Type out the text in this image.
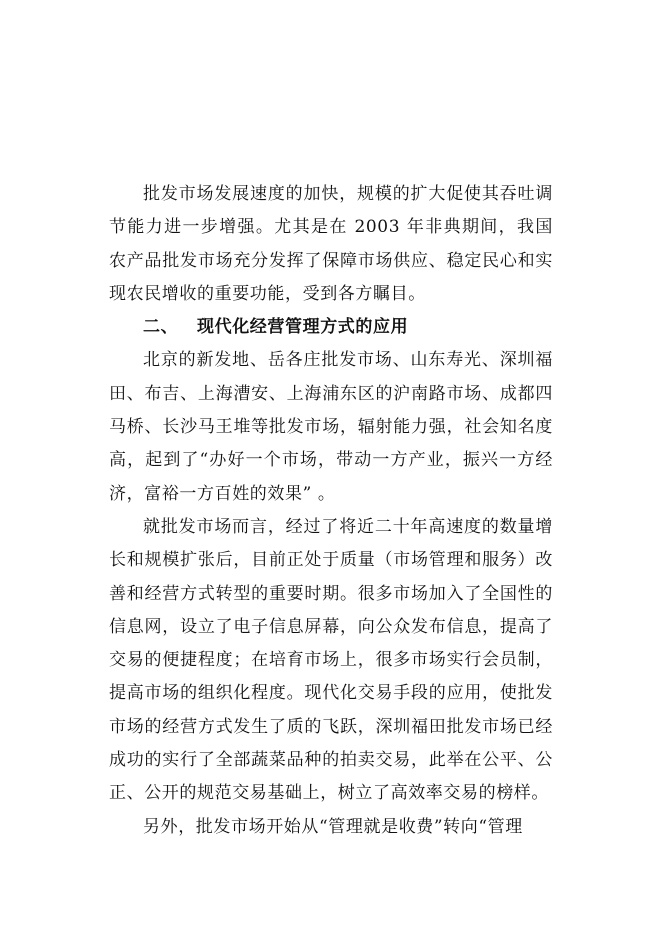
批发市场发展速度的加快，规模的扩大促使其吞吐调节能力进一步增强。尤其是在 2003 年非典期间，我国农产品批发市场充分发挥了保障市场供应、稳定民心和实现农民增收的重要功能，受到各方瞩目。

二、 现代化经营管理方式的应用

北京的新发地、岳各庄批发市场、山东寿光、深圳福田、布吉、上海漕安、上海浦东区的沪南路市场、成都四马桥、长沙马王堆等批发市场，辐射能力强，社会知名度高，起到了“办好一个市场，带动一方产业，振兴一方经济，富裕一方百姓的效果” 。

就批发市场而言，经过了将近二十年高速度的数量增长和规模扩张后，目前正处于质量（市场管理和服务）改善和经营方式转型的重要时期。很多市场加入了全国性的信息网，设立了电子信息屏幕，向公众发布信息，提高了交易的便捷程度；在培育市场上，很多市场实行会员制，提高市场的组织化程度。现代化交易手段的应用，使批发市场的经营方式发生了质的飞跃，深圳福田批发市场已经成功的实行了全部蔬菜品种的拍卖交易，此举在公平、公正、公开的规范交易基础上，树立了高效率交易的榜样。

另外，批发市场开始从“管理就是收费”转向“管理
